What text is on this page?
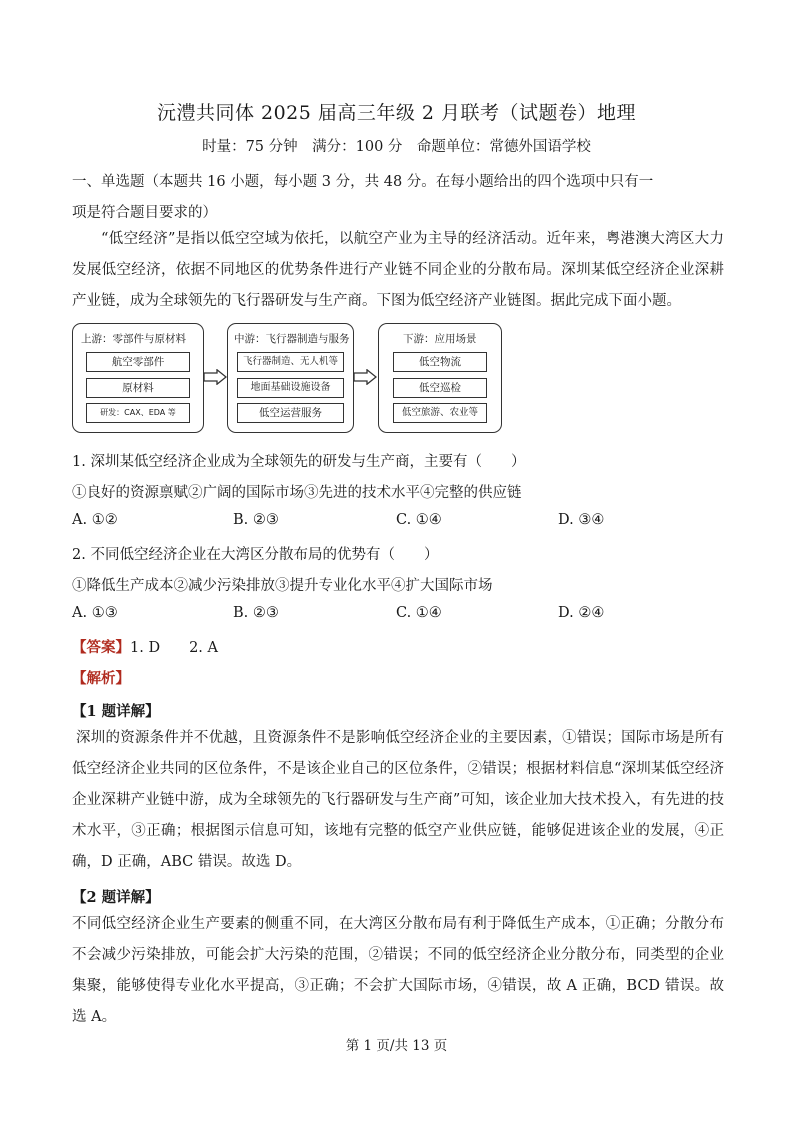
沅澧共同体 2025 届高三年级 2 月联考（试题卷）地理
时量：75 分钟　满分：100 分　命题单位：常德外国语学校
一、单选题（本题共 16 小题，每小题 3 分，共 48 分。在每小题给出的四个选项中只有一
项是符合题目要求的）
“低空经济”是指以低空空域为依托，以航空产业为主导的经济活动。近年来，粤港澳大湾区大力发展低空经济，依据不同地区的优势条件进行产业链不同企业的分散布局。深圳某低空经济企业深耕产业链，成为全球领先的飞行器研发与生产商。下图为低空经济产业链图。据此完成下面小题。
上游：零部件与原材料
航空零部件
原材料
研发：CAX、EDA 等
中游：飞行器制造与服务
飞行器制造、无人机等
地面基础设施设备
低空运营服务
下游：应用场景
低空物流
低空巡检
低空旅游、农业等
1. 深圳某低空经济企业成为全球领先的研发与生产商，主要有（　　）
①良好的资源禀赋②广阔的国际市场③先进的技术水平④完整的供应链
A. ①②	B. ②③	C. ①④	D. ③④
2. 不同低空经济企业在大湾区分散布局的优势有（　　）
①降低生产成本②减少污染排放③提升专业化水平④扩大国际市场
A. ①③	B. ②③	C. ①④	D. ②④
【答案】1. D　　2. A
【解析】
【1 题详解】
深圳的资源条件并不优越，且资源条件不是影响低空经济企业的主要因素，①错误；国际市场是所有低空经济企业共同的区位条件，不是该企业自己的区位条件，②错误；根据材料信息“深圳某低空经济企业深耕产业链中游，成为全球领先的飞行器研发与生产商”可知，该企业加大技术投入，有先进的技术水平，③正确；根据图示信息可知，该地有完整的低空产业供应链，能够促进该企业的发展，④正确，D 正确，ABC 错误。故选 D。
【2 题详解】
不同低空经济企业生产要素的侧重不同，在大湾区分散布局有利于降低生产成本，①正确；分散分布不会减少污染排放，可能会扩大污染的范围，②错误；不同的低空经济企业分散分布，同类型的企业集聚，能够使得专业化水平提高，③正确；不会扩大国际市场，④错误，故 A 正确，BCD 错误。故选 A。
第 1 页/共 13 页
